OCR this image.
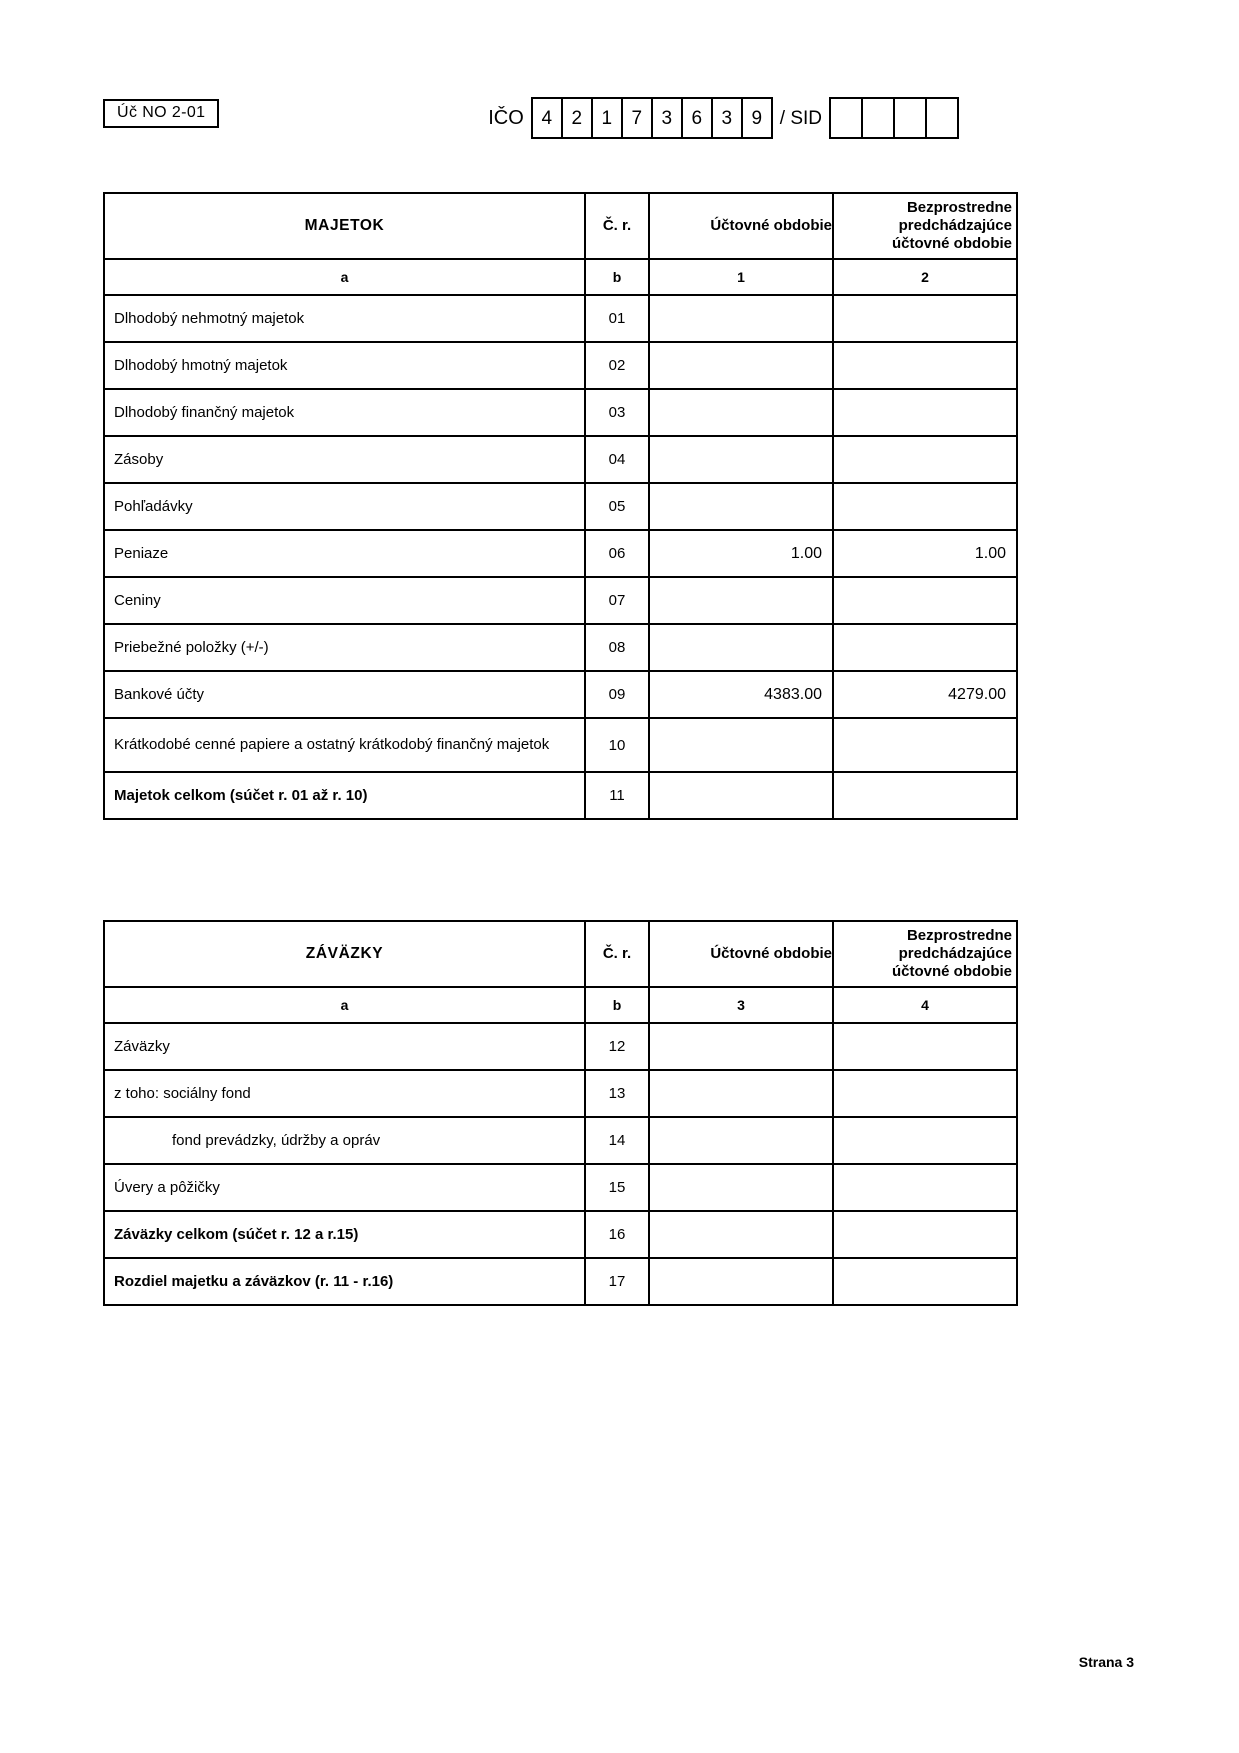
Úč NO 2-01	IČO 4	2	1	7	3	6	3	9 / SID
MAJETOK	Č. r.	Účtovné obdobie	Bezprostredne predchádzajúce účtovné obdobie
a	b	1	2
Dlhodobý nehmotný majetok	01		
Dlhodobý hmotný majetok	02		
Dlhodobý finančný majetok	03		
Zásoby	04		
Pohľadávky	05		
Peniaze	06	1.00	1.00
Ceniny	07		
Priebežné položky (+/-)	08		
Bankové účty	09	4383.00	4279.00
Krátkodobé cenné papiere a ostatný krátkodobý finančný majetok	10		
Majetok celkom (súčet r. 01 až r. 10)	11		
ZÁVÄZKY	Č. r.	Účtovné obdobie	Bezprostredne predchádzajúce účtovné obdobie
a	b	3	4
Záväzky	12		
z toho: sociálny fond	13		
fond prevádzky, údržby a opráv	14		
Úvery a pôžičky	15		
Záväzky celkom (súčet r. 12 a r.15)	16		
Rozdiel majetku a záväzkov (r. 11 - r.16)	17		
Strana 3
